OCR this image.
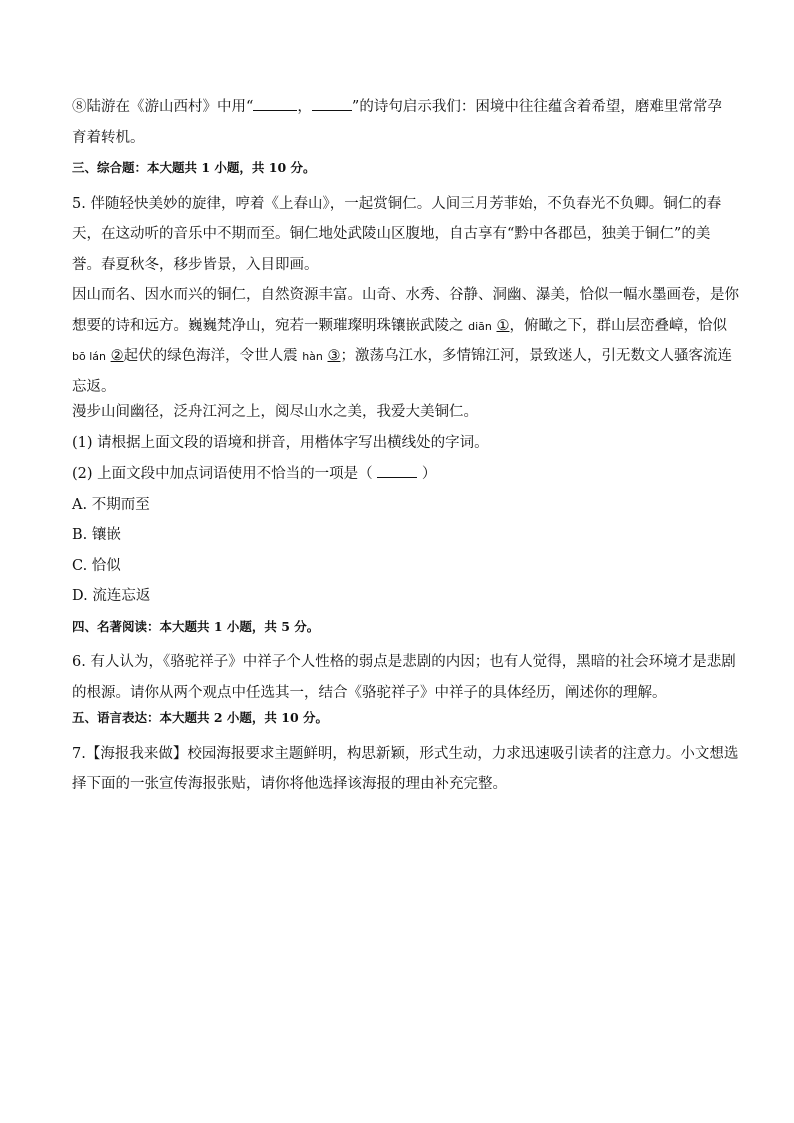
⑧陆游在《游山西村》中用“	，	”的诗句启示我们：困境中往往蕴含着希望，磨难里常常孕
育着转机。
三、综合题：本大题共 1 小题，共 10 分。
5. 伴随轻快美妙的旋律，哼着《上春山》，一起赏铜仁。人间三月芳菲始，不负春光不负卿。铜仁的春
天，在这动听的音乐中不期而至。铜仁地处武陵山区腹地，自古享有“黔中各郡邑，独美于铜仁”的美
誉。春夏秋冬，移步皆景，入目即画。
因山而名、因水而兴的铜仁，自然资源丰富。山奇、水秀、谷静、洞幽、瀑美，恰似一幅水墨画卷，是你
想要的诗和远方。巍巍梵净山，宛若一颗璀璨明珠镶嵌武陵之 diān ①，俯瞰之下，群山层峦叠嶂，恰似
bō lán ②起伏的绿色海洋，令世人震 hàn ③；激荡乌江水，多情锦江河，景致迷人，引无数文人骚客流连
忘返。
漫步山间幽径，泛舟江河之上，阅尽山水之美，我爱大美铜仁。
(1) 请根据上面文段的语境和拼音，用楷体字写出横线处的字词。
(2) 上面文段中加点词语使用不恰当的一项是（	）
A. 不期而至
B. 镶嵌
C. 恰似
D. 流连忘返
四、名著阅读：本大题共 1 小题，共 5 分。
6. 有人认为，《骆驼祥子》中祥子个人性格的弱点是悲剧的内因；也有人觉得，黑暗的社会环境才是悲剧
的根源。请你从两个观点中任选其一，结合《骆驼祥子》中祥子的具体经历，阐述你的理解。
五、语言表达：本大题共 2 小题，共 10 分。
7.【海报我来做】校园海报要求主题鲜明，构思新颖，形式生动，力求迅速吸引读者的注意力。小文想选
择下面的一张宣传海报张贴，请你将他选择该海报的理由补充完整。
